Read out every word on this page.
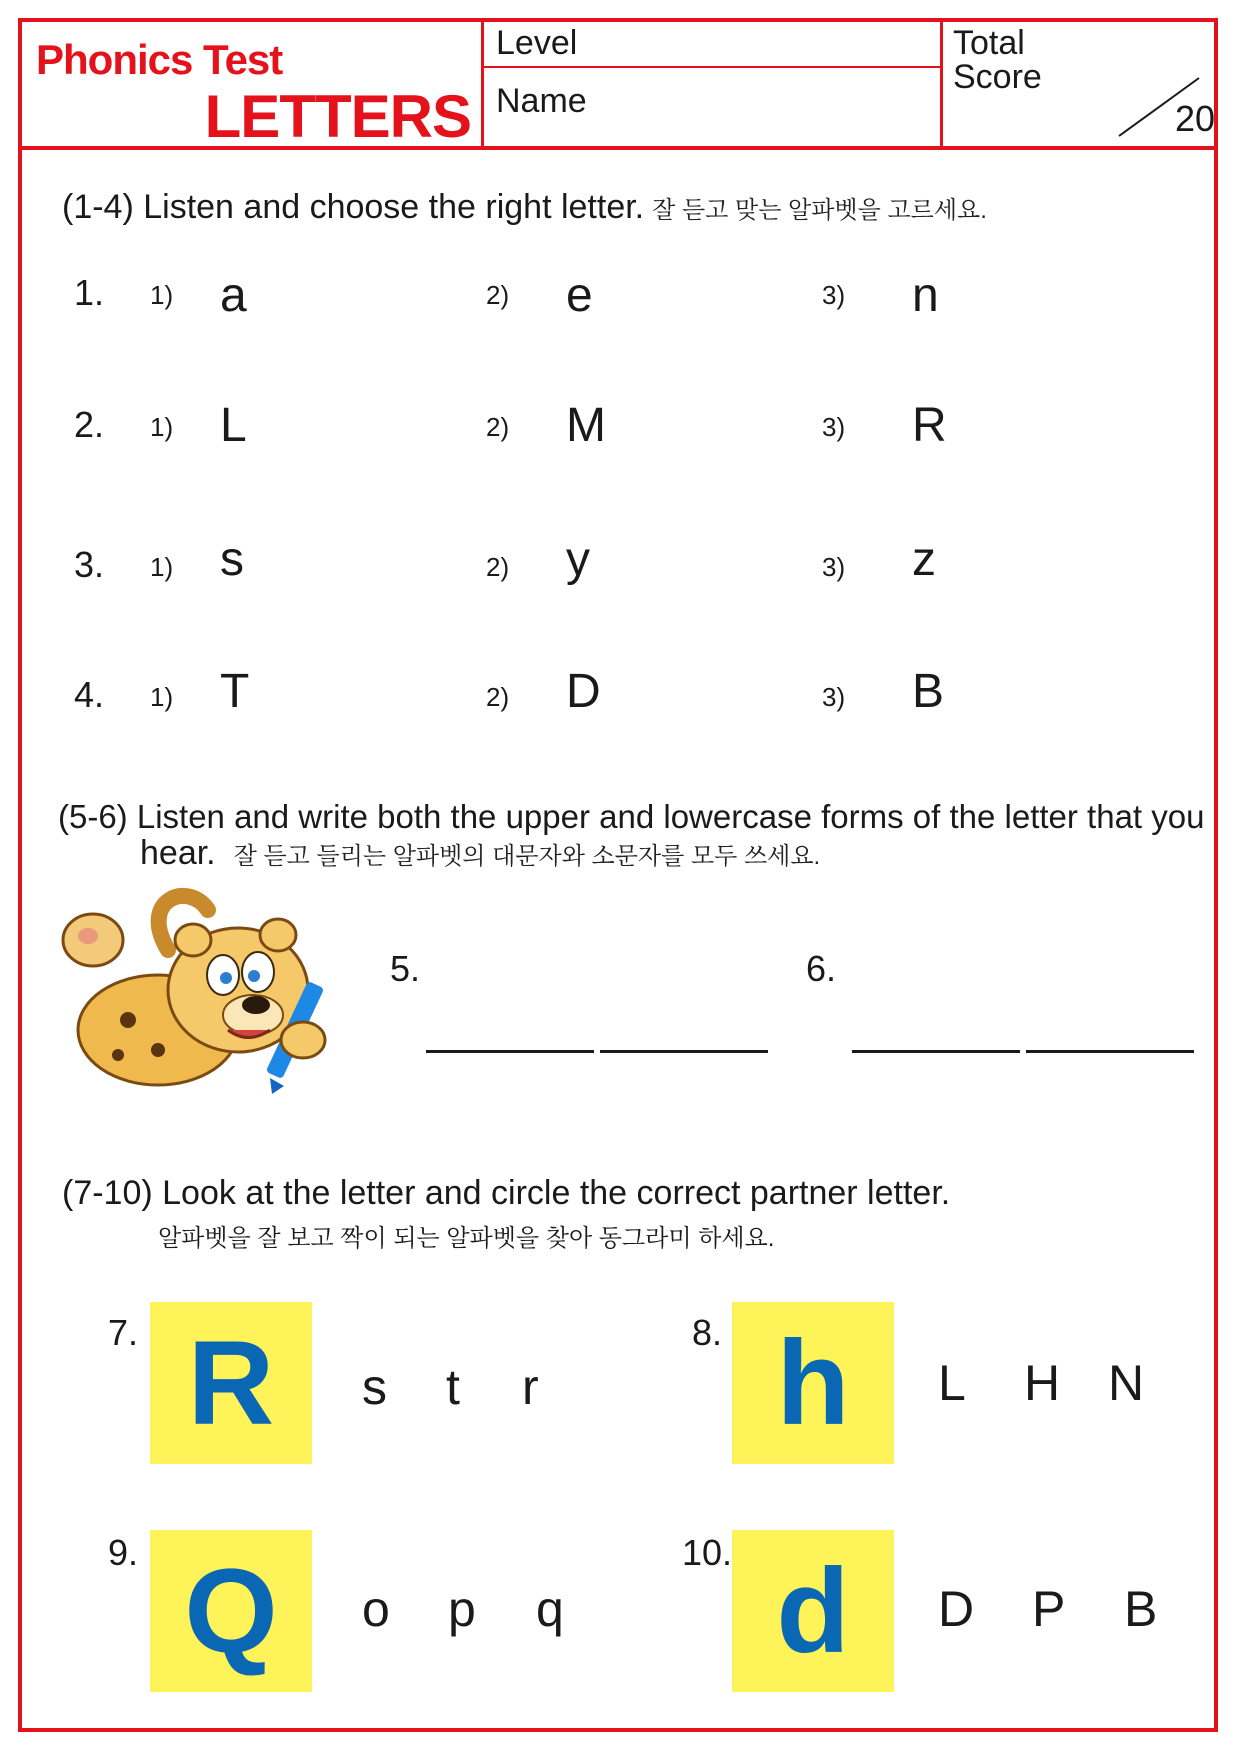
Phonics Test
LETTERS
Level
Name
Total
Score
20
(1-4) Listen and choose the right letter. 잘 듣고 맞는 알파벳을 고르세요.
1. 1) a	2) e	3) n
2. 1) L	2) M	3) R
3. 1) s	2) y	3) z
4. 1) T	2) D	3) B
(5-6) Listen and write both the upper and lowercase forms of the letter that you
hear. 잘 듣고 들리는 알파벳의 대문자와 소문자를 모두 쓰세요.
5.	6.
(7-10) Look at the letter and circle the correct partner letter.
알파벳을 잘 보고 짝이 되는 알파벳을 찾아 동그라미 하세요.
7. R s t r
8. h L H N
9. Q o p q
10. d D P B
